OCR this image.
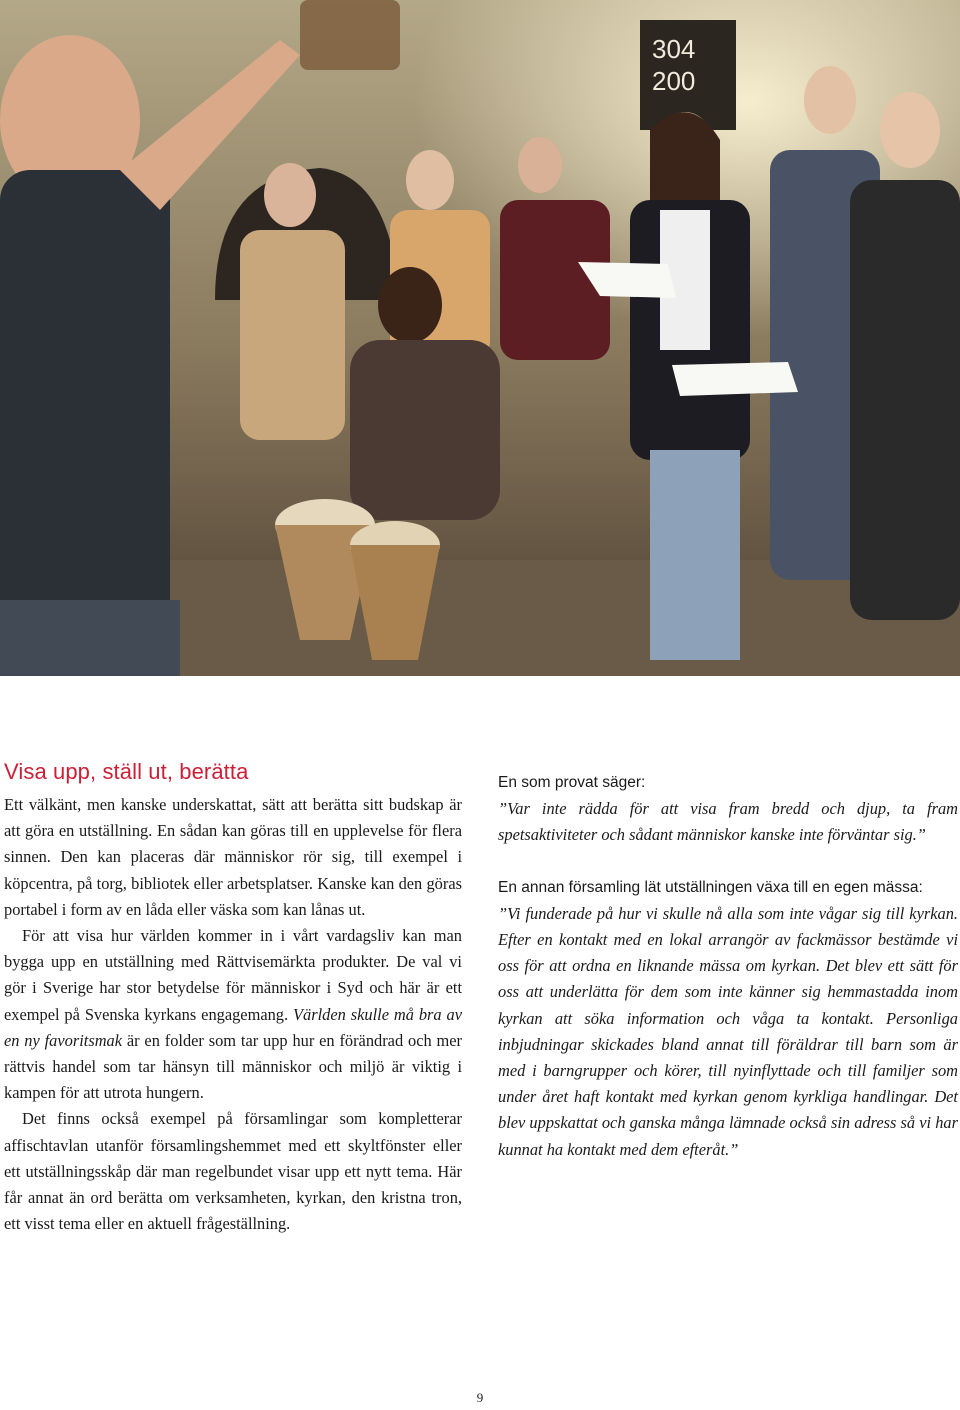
304
200
Visa upp, ställ ut, berätta

Ett välkänt, men kanske underskattat, sätt att berätta sitt budskap är att göra en utställning. En sådan kan göras till en upplevelse för flera sinnen. Den kan placeras där människor rör sig, till exempel i köpcentra, på torg, bibliotek eller arbetsplatser. Kanske kan den göras portabel i form av en låda eller väska som kan lånas ut.

För att visa hur världen kommer in i vårt vardagsliv kan man bygga upp en utställning med Rättvisemärkta produkter. De val vi gör i Sverige har stor betydelse för människor i Syd och här är ett exempel på Svenska kyrkans engagemang. Världen skulle må bra av en ny favoritsmak är en folder som tar upp hur en förändrad och mer rättvis handel som tar hänsyn till människor och miljö är viktig i kampen för att utrota hungern.

Det finns också exempel på församlingar som kompletterar affischtavlan utanför församlingshemmet med ett skyltfönster eller ett utställningsskåp där man regelbundet visar upp ett nytt tema. Här får annat än ord berätta om verksamheten, kyrkan, den kristna tron, ett visst tema eller en aktuell frågeställning.

En som provat säger:

”Var inte rädda för att visa fram bredd och djup, ta fram spetsaktiviteter och sådant människor kanske inte förväntar sig.”

En annan församling lät utställningen växa till en egen mässa:

”Vi funderade på hur vi skulle nå alla som inte vågar sig till kyrkan. Efter en kontakt med en lokal arrangör av fackmässor bestämde vi oss för att ordna en liknande mässa om kyrkan. Det blev ett sätt för oss att underlätta för dem som inte känner sig hemmastadda inom kyrkan att söka information och våga ta kontakt. Personliga inbjudningar skickades bland annat till föräldrar till barn som är med i barngrupper och körer, till nyinflyttade och till familjer som under året haft kontakt med kyrkan genom kyrkliga handlingar. Det blev uppskattat och ganska många lämnade också sin adress så vi har kunnat ha kontakt med dem efteråt.”

9
